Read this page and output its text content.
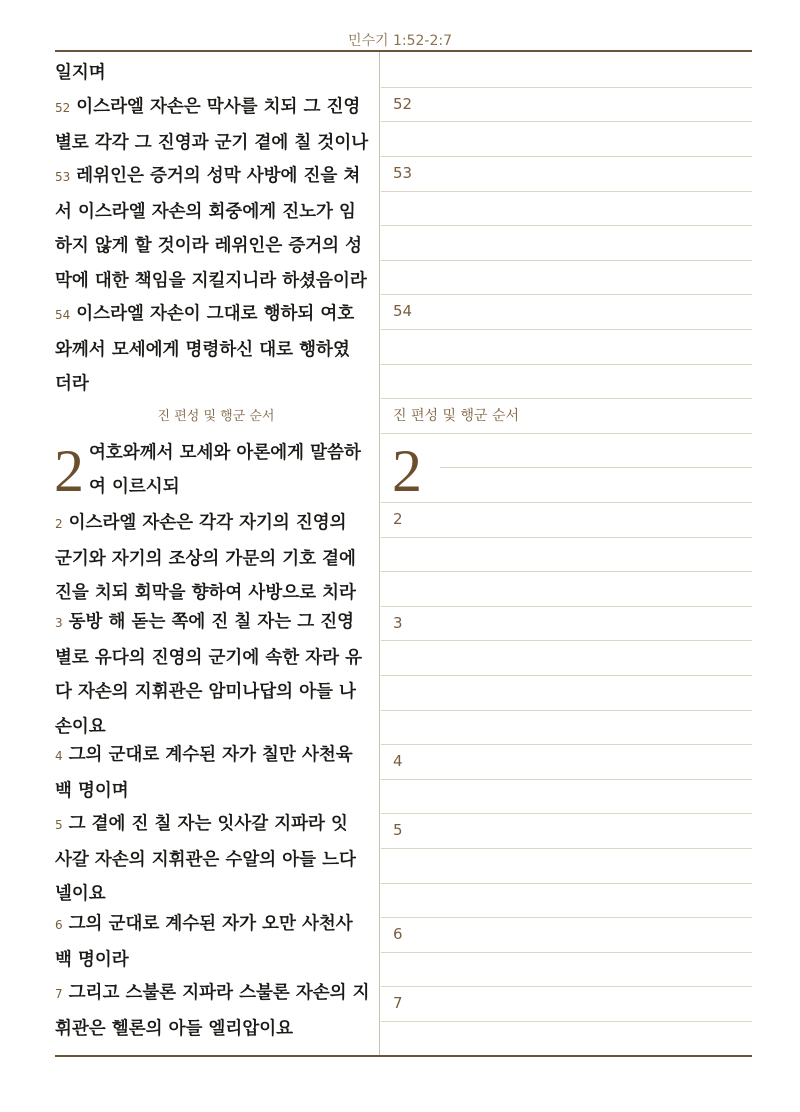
민수기 1:52-2:7
52
53
54
진 편성 및 행군 순서
2
2
3
4
5
6
7
일지며
52 이스라엘 자손은 막사를 치되 그 진영
별로 각각 그 진영과 군기 곁에 칠 것이나
53 레위인은 증거의 성막 사방에 진을 쳐
서 이스라엘 자손의 회중에게 진노가 임
하지 않게 할 것이라 레위인은 증거의 성
막에 대한 책임을 지킬지니라 하셨음이라
54 이스라엘 자손이 그대로 행하되 여호
와께서 모세에게 명령하신 대로 행하였
더라
진 편성 및 행군 순서
2 여호와께서 모세와 아론에게 말씀하
여 이르시되
2 이스라엘 자손은 각각 자기의 진영의
군기와 자기의 조상의 가문의 기호 곁에
진을 치되 회막을 향하여 사방으로 치라
3 동방 해 돋는 쪽에 진 칠 자는 그 진영
별로 유다의 진영의 군기에 속한 자라 유
다 자손의 지휘관은 암미나답의 아들 나
손이요
4 그의 군대로 계수된 자가 칠만 사천육
백 명이며
5 그 곁에 진 칠 자는 잇사갈 지파라 잇
사갈 자손의 지휘관은 수알의 아들 느다
넬이요
6 그의 군대로 계수된 자가 오만 사천사
백 명이라
7 그리고 스불론 지파라 스불론 자손의 지
휘관은 헬론의 아들 엘리압이요
